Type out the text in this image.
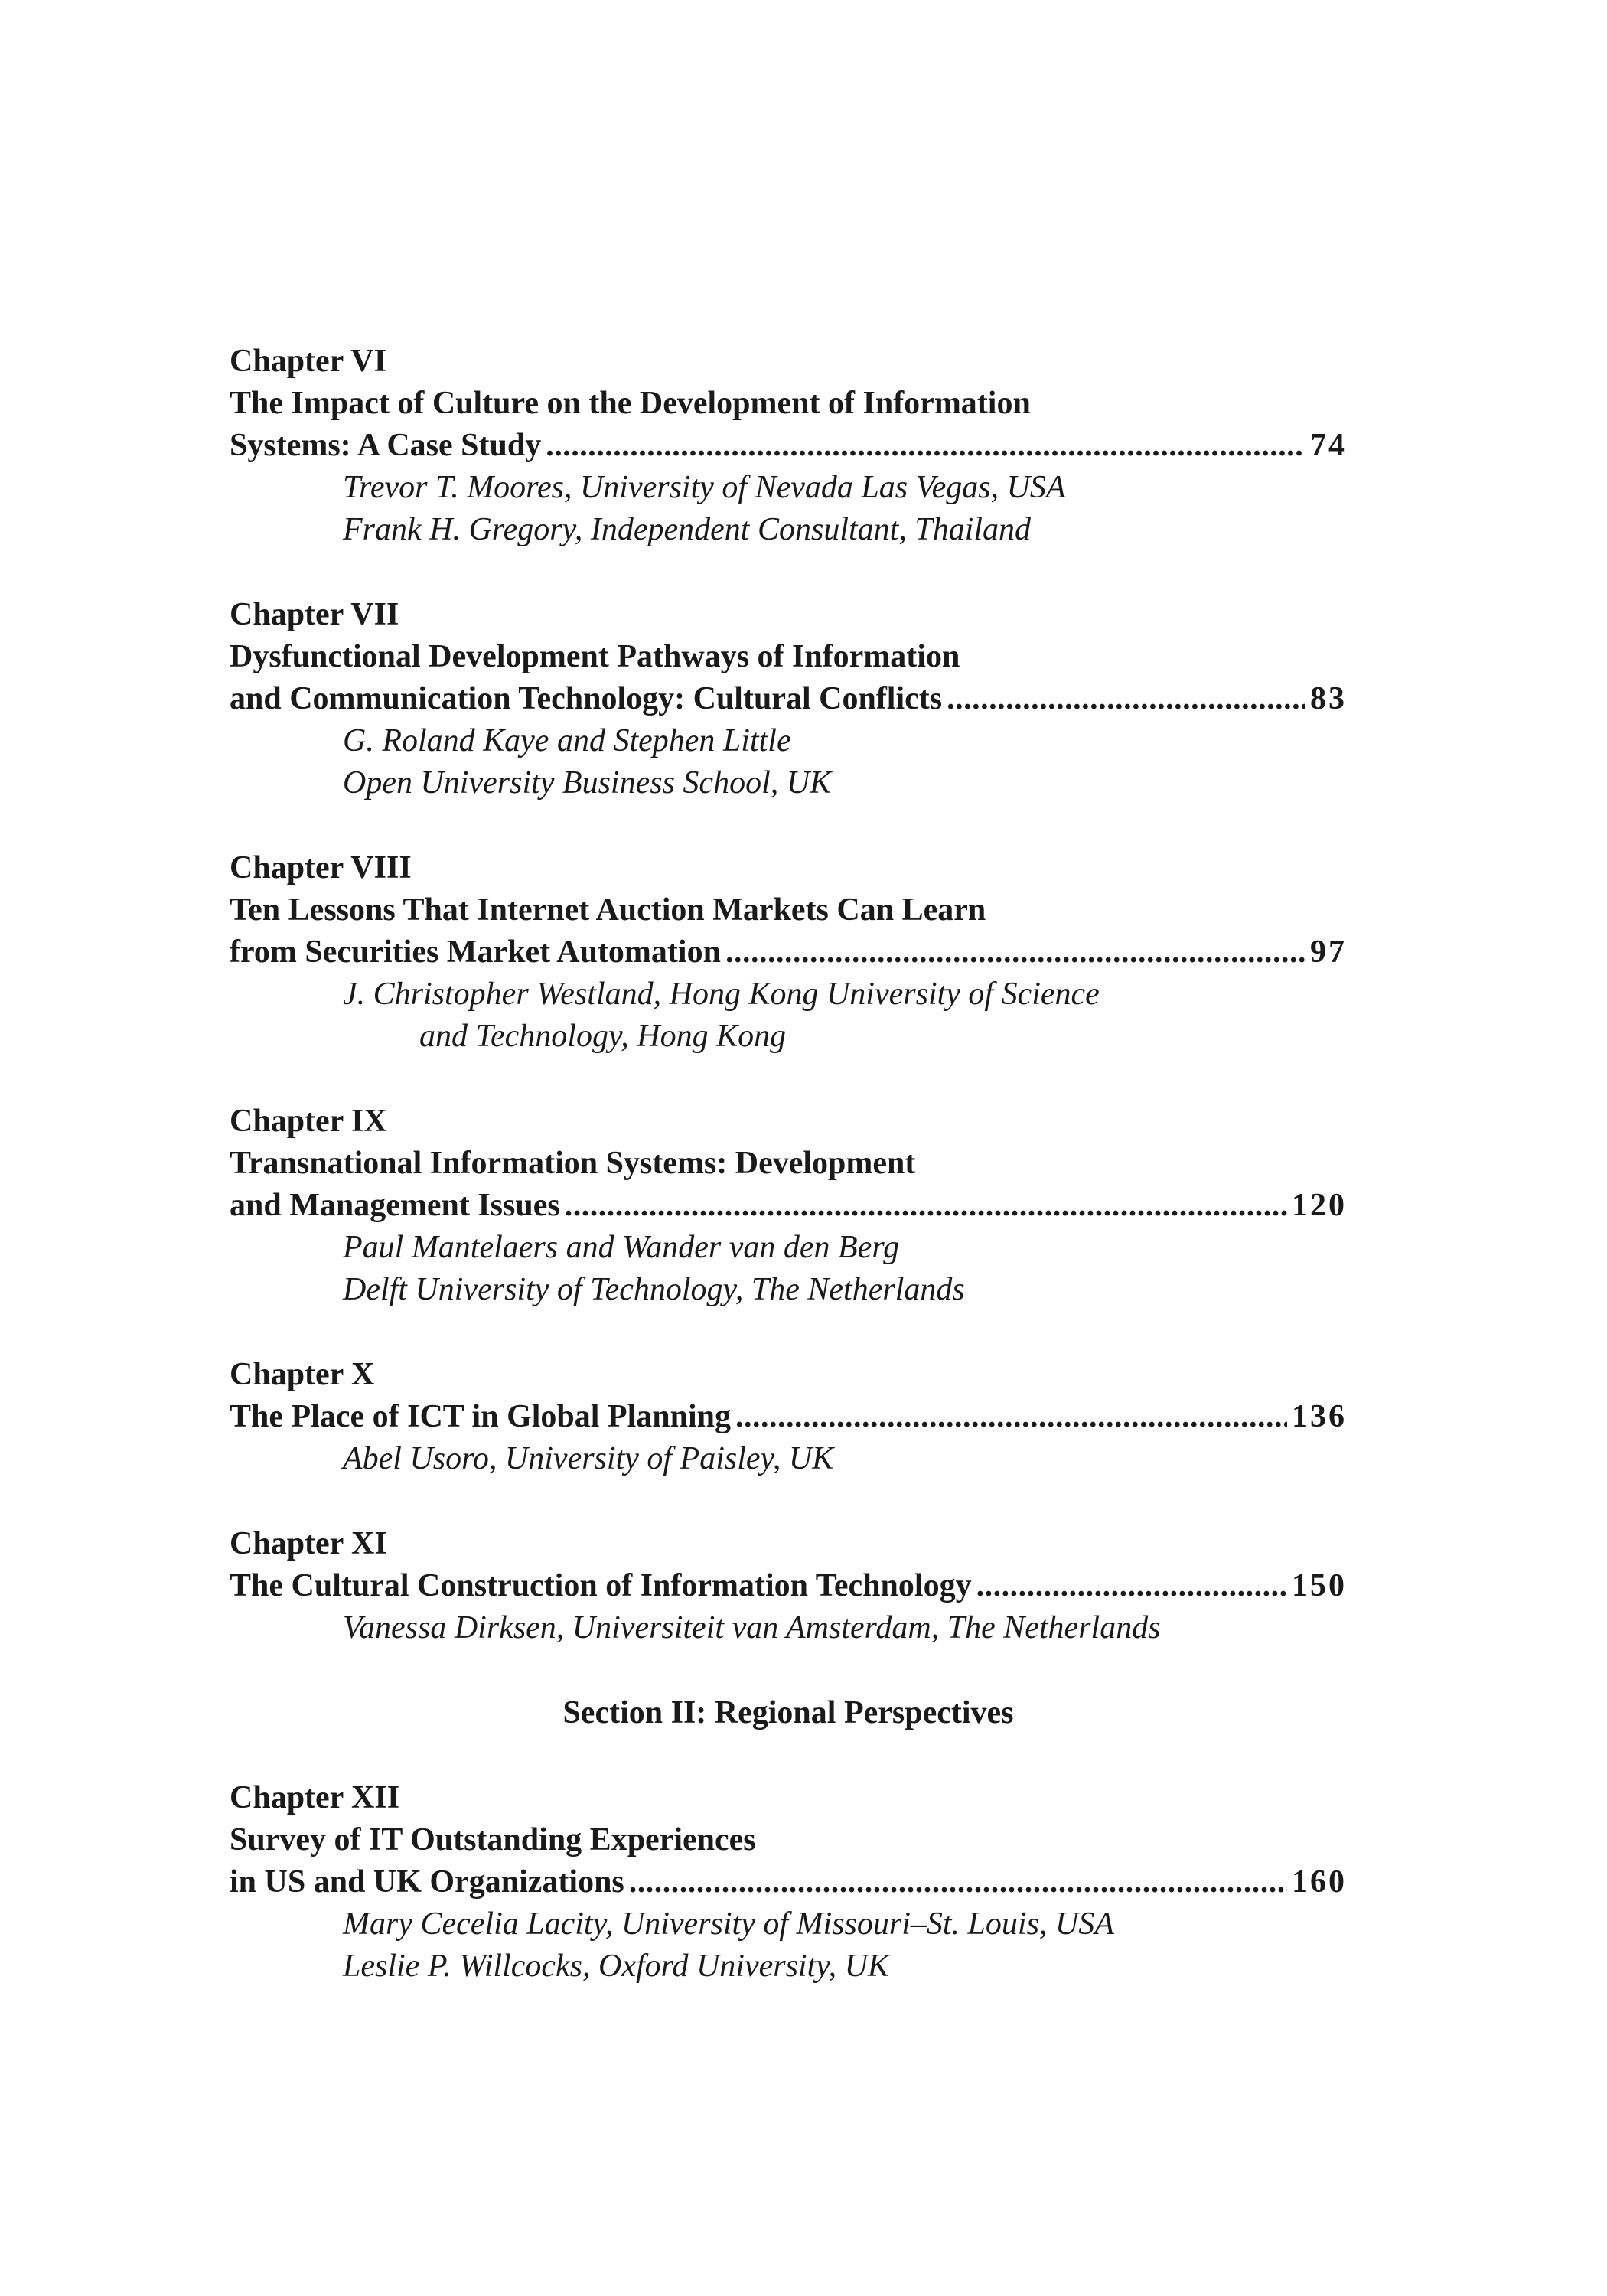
Chapter VI
The Impact of Culture on the Development of Information
Systems: A Case Study . . .	74
Trevor T. Moores, University of Nevada Las Vegas, USA
Frank H. Gregory, Independent Consultant, Thailand
Chapter VII
Dysfunctional Development Pathways of Information
and Communication Technology: Cultural Conflicts . . .	83
G. Roland Kaye and Stephen Little
Open University Business School, UK
Chapter VIII
Ten Lessons That Internet Auction Markets Can Learn
from Securities Market Automation . . .	97
J. Christopher Westland, Hong Kong University of Science
and Technology, Hong Kong
Chapter IX
Transnational Information Systems: Development
and Management Issues . . .	120
Paul Mantelaers and Wander van den Berg
Delft University of Technology, The Netherlands
Chapter X
The Place of ICT in Global Planning . . .	136
Abel Usoro, University of Paisley, UK
Chapter XI
The Cultural Construction of Information Technology . . .	150
Vanessa Dirksen, Universiteit van Amsterdam, The Netherlands
Section II: Regional Perspectives
Chapter XII
Survey of IT Outstanding Experiences
in US and UK Organizations . . .	160
Mary Cecelia Lacity, University of Missouri–St. Louis, USA
Leslie P. Willcocks, Oxford University, UK
